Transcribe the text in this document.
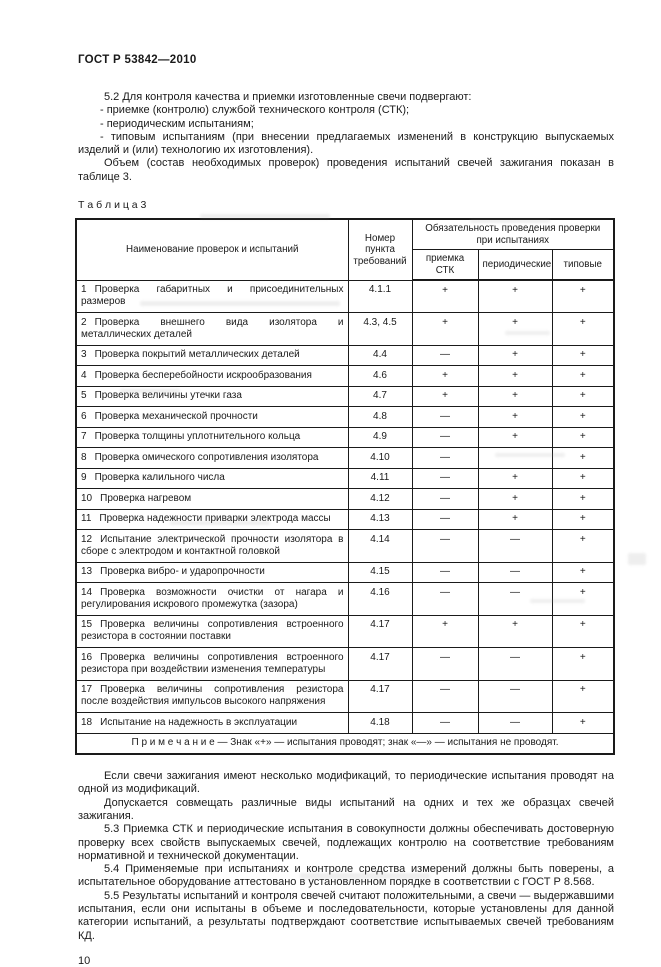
ГОСТ Р 53842—2010

5.2 Для контроля качества и приемки изготовленные свечи подвергают:

- приемке (контролю) службой технического контроля (СТК);

- периодическим испытаниям;

- типовым испытаниям (при внесении предлагаемых изменений в конструкцию выпускаемых изделий и (или) технологию их изготовления).

Объем (состав необходимых проверок) проведения испытаний свечей зажигания показан в таблице 3.

Т а б л и ц а 3
Наименование проверок и испытаний	Номер пункта требований	Обязательность проведения проверки при испытаниях		
		приемка СТК	периодические	типовые
1 Проверка габаритных и присоединительных размеров	4.1.1	+	+	+
2 Проверка внешнего вида изолятора и металлических деталей	4.3, 4.5	+	+	+
3 Проверка покрытий металлических деталей	4.4	—	+	+
4 Проверка бесперебойности искрообразования	4.6	+	+	+
5 Проверка величины утечки газа	4.7	+	+	+
6 Проверка механической прочности	4.8	—	+	+
7 Проверка толщины уплотнительного кольца	4.9	—	+	+
8 Проверка омического сопротивления изолятора	4.10	—		+
9 Проверка калильного числа	4.11	—	+	+
10 Проверка нагревом	4.12	—	+	+
11 Проверка надежности приварки электрода массы	4.13	—	+	+
12 Испытание электрической прочности изолятора в сборе с электродом и контактной головкой	4.14	—	—	+
13 Проверка вибро- и ударопрочности	4.15	—	—	+
14 Проверка возможности очистки от нагара и регулирования искрового промежутка (зазора)	4.16	—	—	+
15 Проверка величины сопротивления встроенного резистора в состоянии поставки	4.17	+	+	+
16 Проверка величины сопротивления встроенного резистора при воздействии изменения температуры	4.17	—	—	+
17 Проверка величины сопротивления резистора после воздействия импульсов высокого напряжения	4.17	—	—	+
18 Испытание на надежность в эксплуатации	4.18	—	—	+
П р и м е ч а н и е — Знак «+» — испытания проводят; знак «—» — испытания не проводят.				

Если свечи зажигания имеют несколько модификаций, то периодические испытания проводят на одной из модификаций.

Допускается совмещать различные виды испытаний на одних и тех же образцах свечей зажигания.

5.3 Приемка СТК и периодические испытания в совокупности должны обеспечивать достоверную проверку всех свойств выпускаемых свечей, подлежащих контролю на соответствие требованиям нормативной и технической документации.

5.4 Применяемые при испытаниях и контроле средства измерений должны быть поверены, а испытательное оборудование аттестовано в установленном порядке в соответствии с ГОСТ Р 8.568.

5.5 Результаты испытаний и контроля свечей считают положительными, а свечи — выдержавшими испытания, если они испытаны в объеме и последовательности, которые установлены для данной категории испытаний, а результаты подтверждают соответствие испытываемых свечей требованиям КД.

10
